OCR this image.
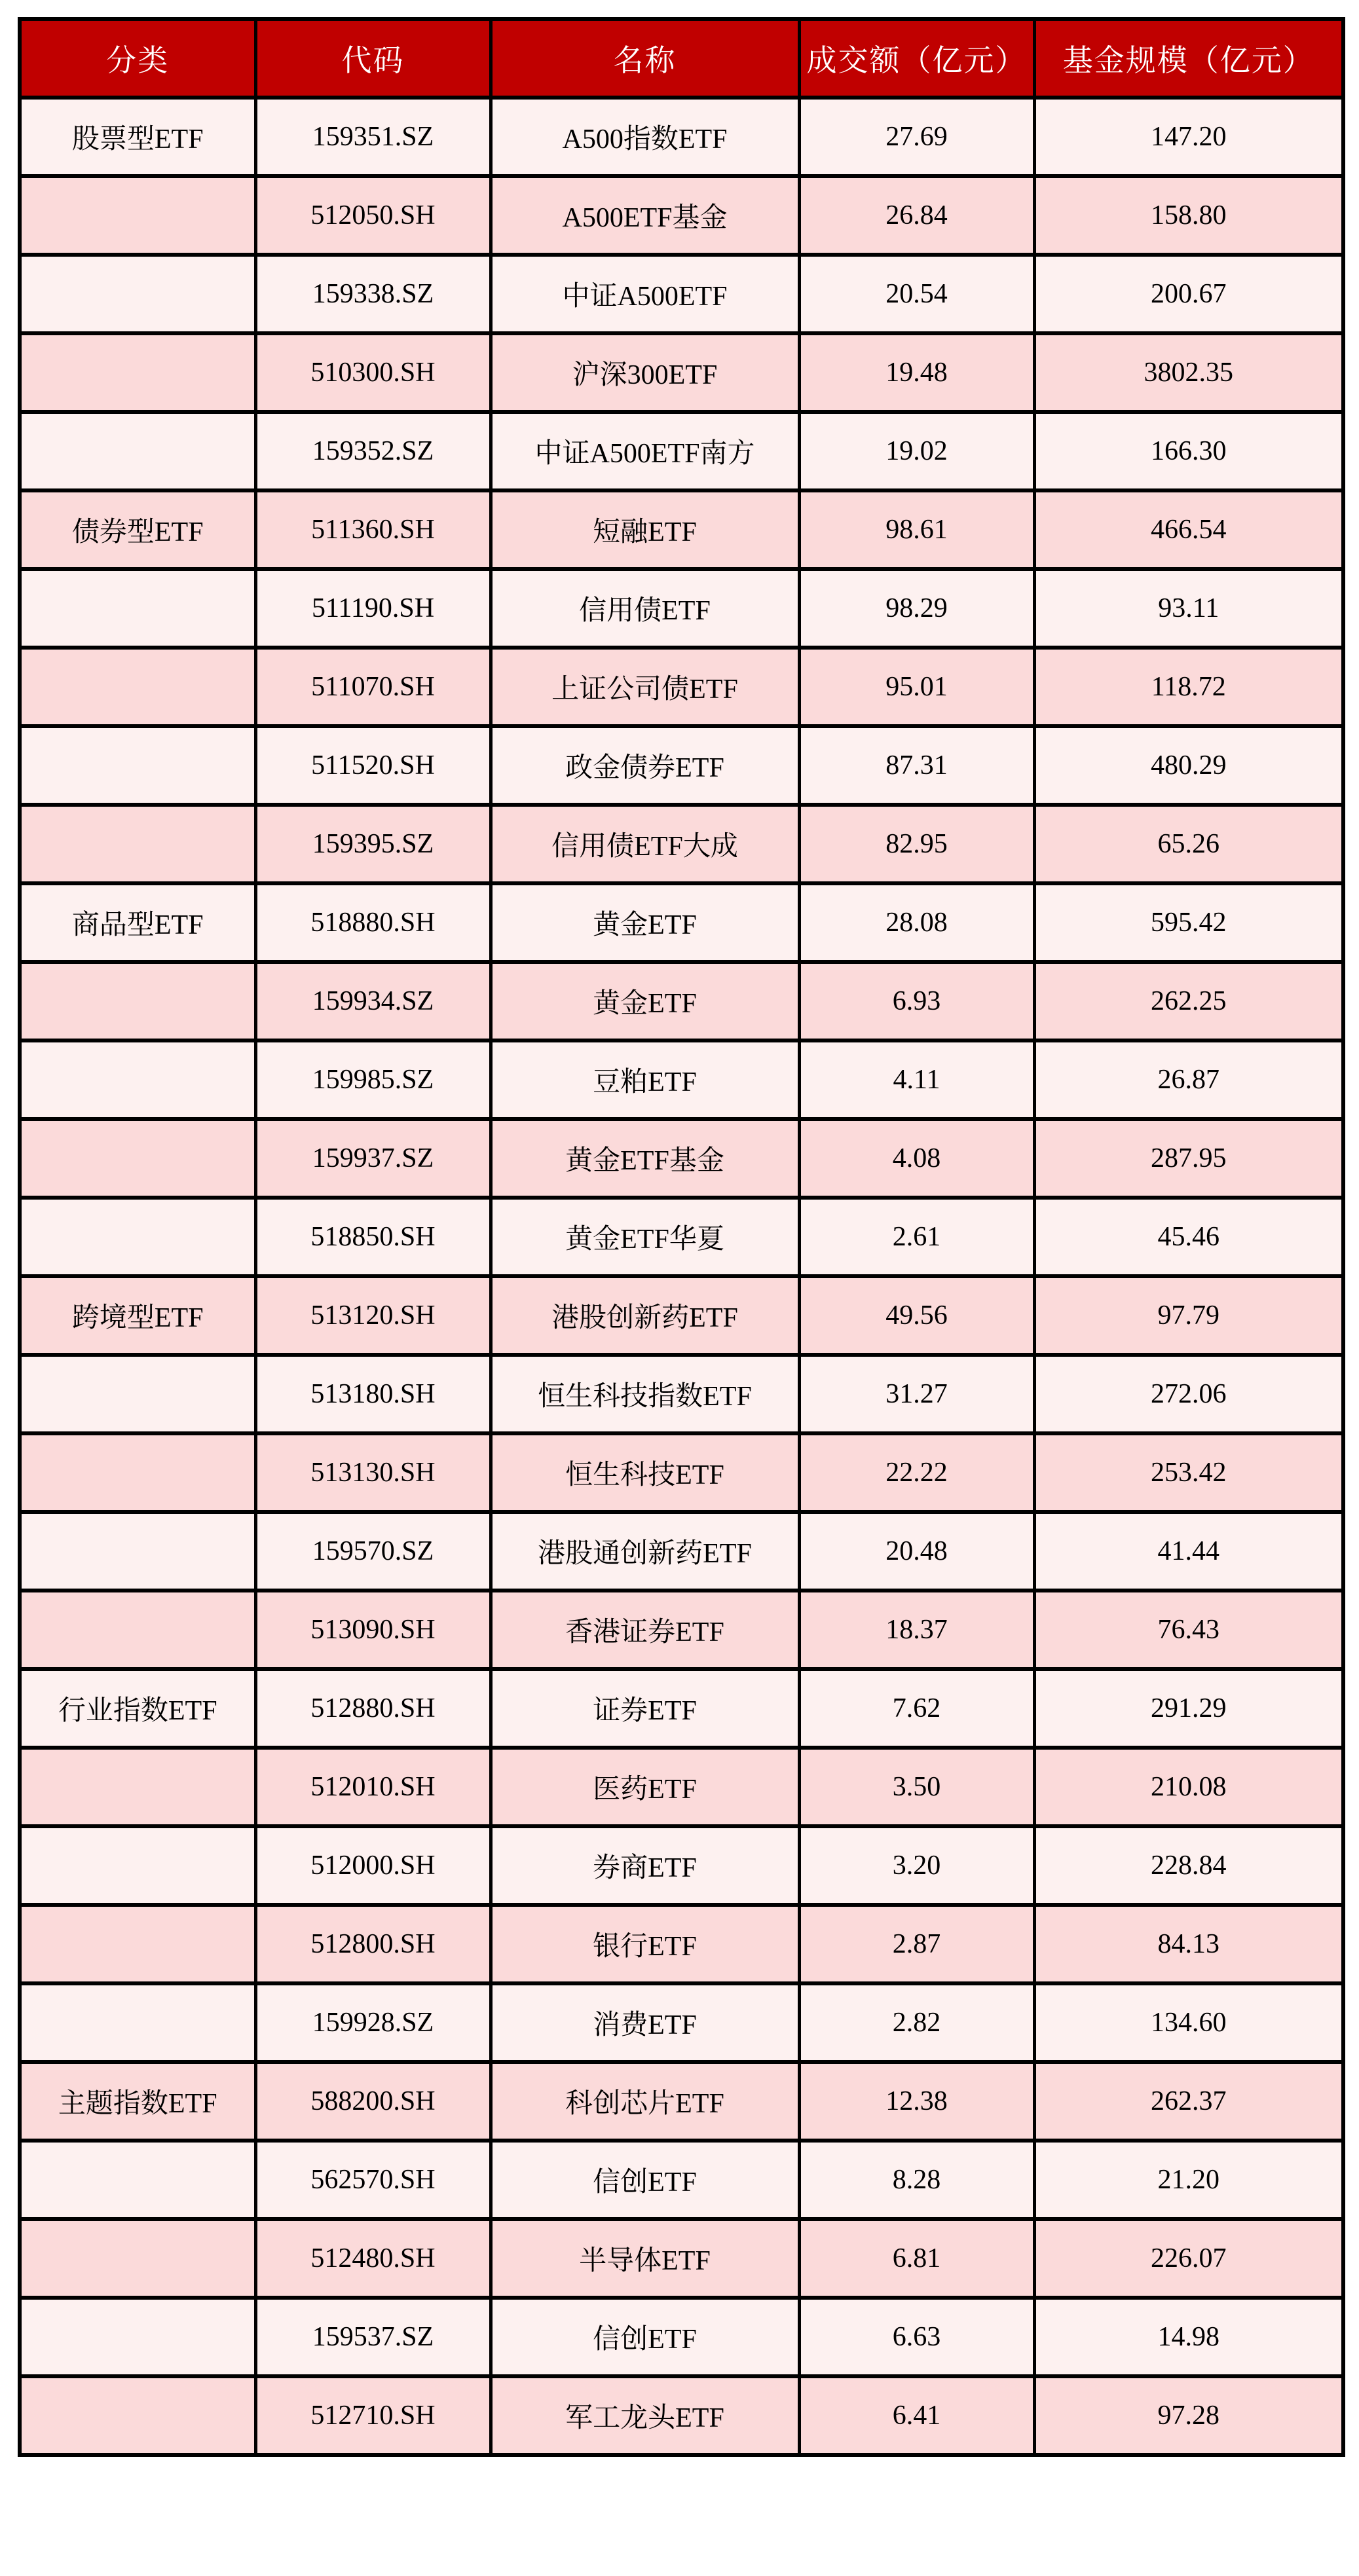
分类	代码	名称	成交额（亿元）	基金规模（亿元）
股票型ETF	159351.SZ	A500指数ETF	27.69	147.20
	512050.SH	A500ETF基金	26.84	158.80
	159338.SZ	中证A500ETF	20.54	200.67
	510300.SH	沪深300ETF	19.48	3802.35
	159352.SZ	中证A500ETF南方	19.02	166.30
债券型ETF	511360.SH	短融ETF	98.61	466.54
	511190.SH	信用债ETF	98.29	93.11
	511070.SH	上证公司债ETF	95.01	118.72
	511520.SH	政金债券ETF	87.31	480.29
	159395.SZ	信用债ETF大成	82.95	65.26
商品型ETF	518880.SH	黄金ETF	28.08	595.42
	159934.SZ	黄金ETF	6.93	262.25
	159985.SZ	豆粕ETF	4.11	26.87
	159937.SZ	黄金ETF基金	4.08	287.95
	518850.SH	黄金ETF华夏	2.61	45.46
跨境型ETF	513120.SH	港股创新药ETF	49.56	97.79
	513180.SH	恒生科技指数ETF	31.27	272.06
	513130.SH	恒生科技ETF	22.22	253.42
	159570.SZ	港股通创新药ETF	20.48	41.44
	513090.SH	香港证券ETF	18.37	76.43
行业指数ETF	512880.SH	证券ETF	7.62	291.29
	512010.SH	医药ETF	3.50	210.08
	512000.SH	券商ETF	3.20	228.84
	512800.SH	银行ETF	2.87	84.13
	159928.SZ	消费ETF	2.82	134.60
主题指数ETF	588200.SH	科创芯片ETF	12.38	262.37
	562570.SH	信创ETF	8.28	21.20
	512480.SH	半导体ETF	6.81	226.07
	159537.SZ	信创ETF	6.63	14.98
	512710.SH	军工龙头ETF	6.41	97.28
